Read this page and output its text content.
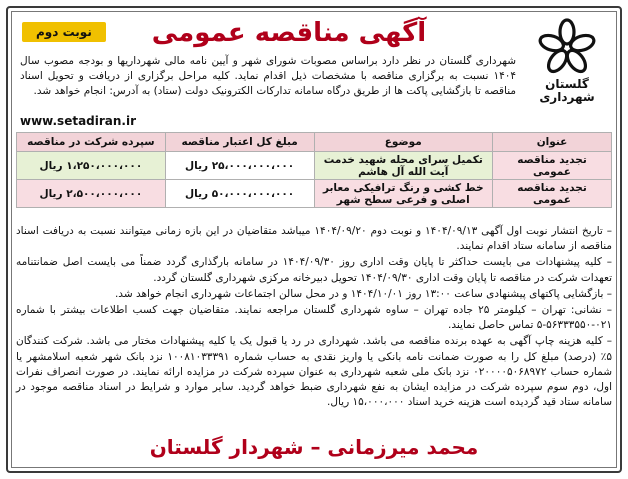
گلستان
شهرداری
نوبت دوم	آگهی مناقصه عمومی
شهرداری گلستان در نظر دارد براساس مصوبات شورای شهر و آیین نامه مالی شهرداریها و بودجه مصوب سال ۱۴۰۴ نسبت به برگزاری مناقصه با مشخصات ذیل اقدام نماید. کلیه مراحل برگزاری از دریافت و تحویل اسناد مناقصه تا بازگشایی پاکت ها از طریق درگاه سامانه تدارکات الکترونیک دولت (ستاد) به آدرس: انجام خواهد شد.
www.setadiran.ir
عنوان	موضوع	مبلغ کل اعتبار مناقصه	سپرده شرکت در مناقصه
تجدید مناقصه عمومی	تکمیل سرای محله شهید خدمت آیت الله آل هاشم	۲۵،۰۰۰،۰۰۰،۰۰۰ ریال	۱،۲۵۰،۰۰۰،۰۰۰ ریال
تجدید مناقصه عمومی	خط کشی و رنگ ترافیکی معابر اصلی و فرعی سطح شهر	۵۰،۰۰۰،۰۰۰،۰۰۰ ریال	۲،۵۰۰،۰۰۰،۰۰۰ ریال

– تاریخ انتشار نوبت اول آگهی ۱۴۰۴/۰۹/۱۳ و نوبت دوم ۱۴۰۴/۰۹/۲۰ میباشد متقاضیان در این بازه زمانی میتوانند نسبت به دریافت اسناد مناقصه از سامانه ستاد اقدام نمایند.

– کلیه پیشنهادات می بایست حداکثر تا پایان وقت اداری روز ۱۴۰۴/۰۹/۳۰ در سامانه بارگذاری گردد ضمناً می بایست اصل ضمانتنامه تعهدات شرکت در مناقصه تا پایان وقت اداری ۱۴۰۴/۰۹/۳۰ تحویل دبیرخانه مرکزی شهرداری گلستان گردد.

– بازگشایی پاکتهای پیشنهادی ساعت ۱۳:۰۰ روز ۱۴۰۴/۱۰/۰۱ و در محل سالن اجتماعات شهرداری انجام خواهد شد.

– نشانی: تهران – کیلومتر ۲۵ جاده تهران – ساوه شهرداری گلستان مراجعه نمایند. متقاضیان جهت کسب اطلاعات بیشتر با شماره ۰۲۱-۵۶۳۳۳۵۵۰-۵ تماس حاصل نمایند.

– کلیه هزینه چاپ آگهی به عهده برنده مناقصه می باشد. شهرداری در رد یا قبول یک یا کلیه پیشنهادات مختار می باشد. شرکت کنندگان ۵٪ (درصد) مبلغ کل را به صورت ضمانت نامه بانکی یا واریز نقدی به حساب شماره ۱۰۰۸۱۰۳۳۳۹۱ نزد بانک شهر شعبه اسلامشهر یا شماره حساب ۰۲۰۰۰۰۵۰۶۸۹۷۲ نزد بانک ملی شعبه شهرداری به عنوان سپرده شرکت در مزایده ارائه نمایند. در صورت انصراف نفرات اول، دوم سوم سپرده شرکت در مزایده ایشان به نفع شهرداری ضبط خواهد گردید. سایر موارد و شرایط در اسناد مناقصه موجود در سامانه ستاد قید گردیده است هزینه خرید اسناد ۱۵،۰۰۰،۰۰۰ ریال.

محمد میرزمانی – شهردار گلستان
